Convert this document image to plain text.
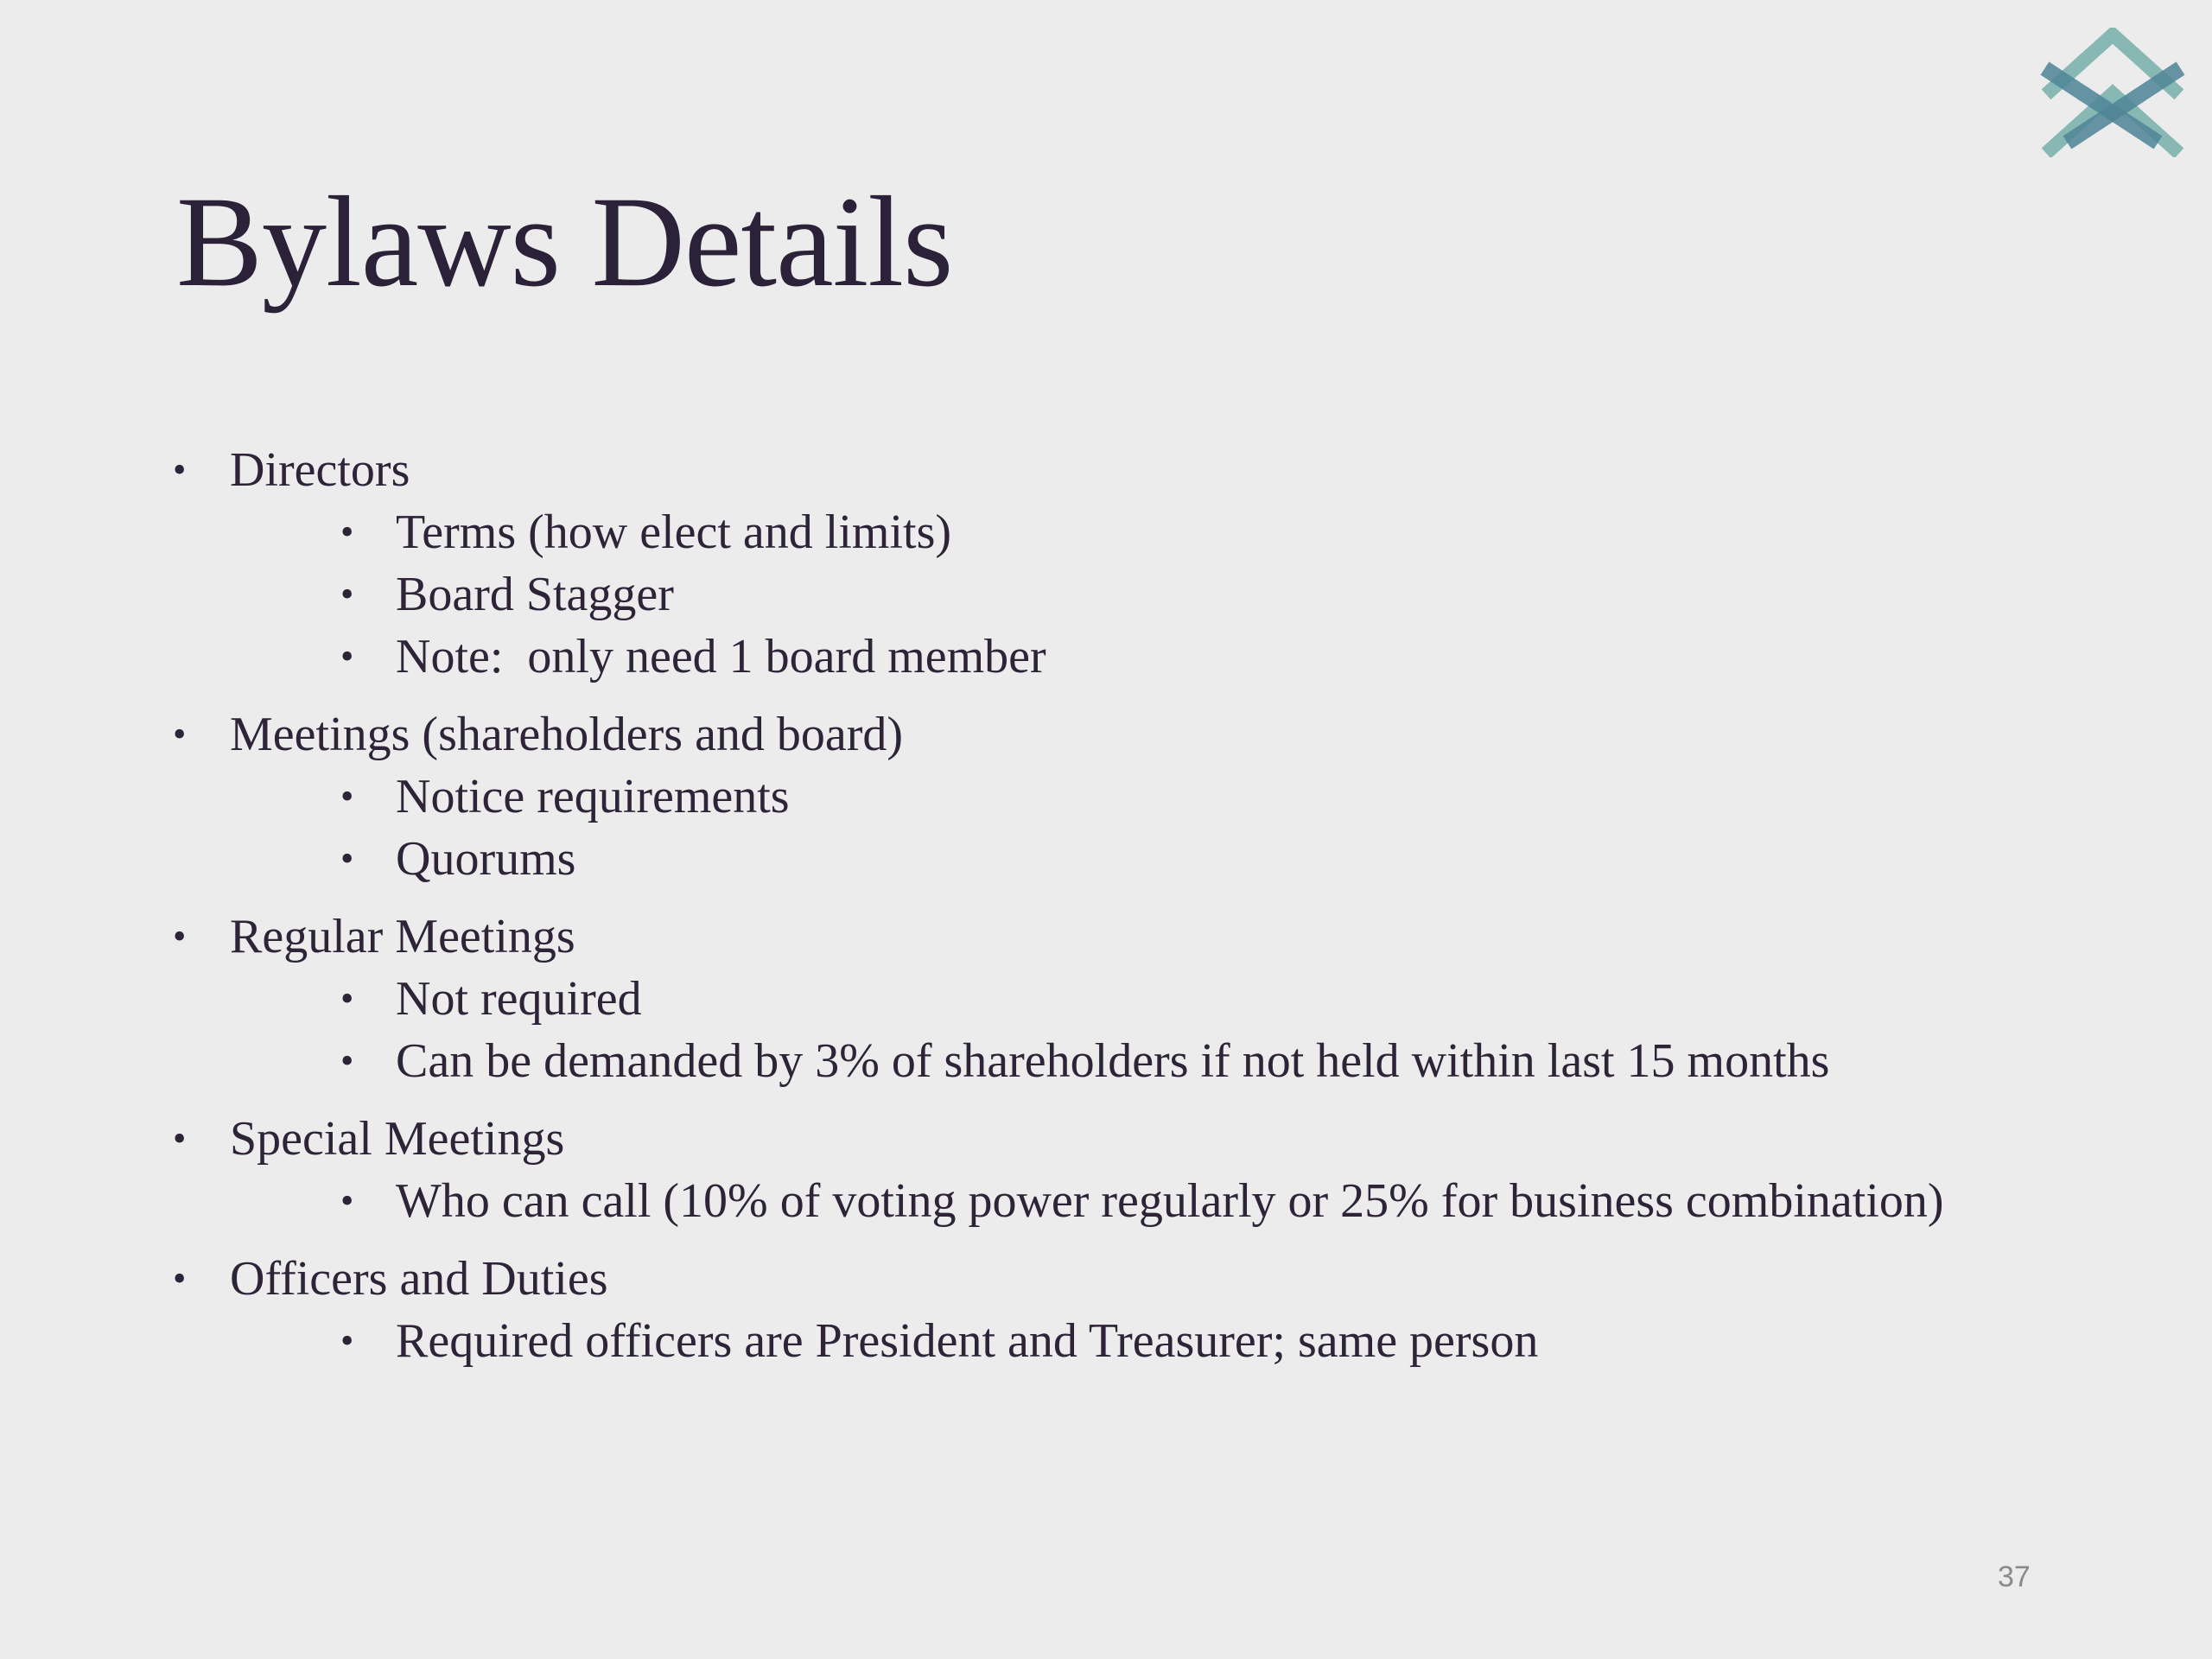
Bylaws Details
• Directors
• Terms (how elect and limits)
• Board Stagger
• Note:  only need 1 board member
• Meetings (shareholders and board)
• Notice requirements
• Quorums
• Regular Meetings
• Not required
• Can be demanded by 3% of shareholders if not held within last 15 months
• Special Meetings
• Who can call (10% of voting power regularly or 25% for business combination)
• Officers and Duties
• Required officers are President and Treasurer; same person
37
